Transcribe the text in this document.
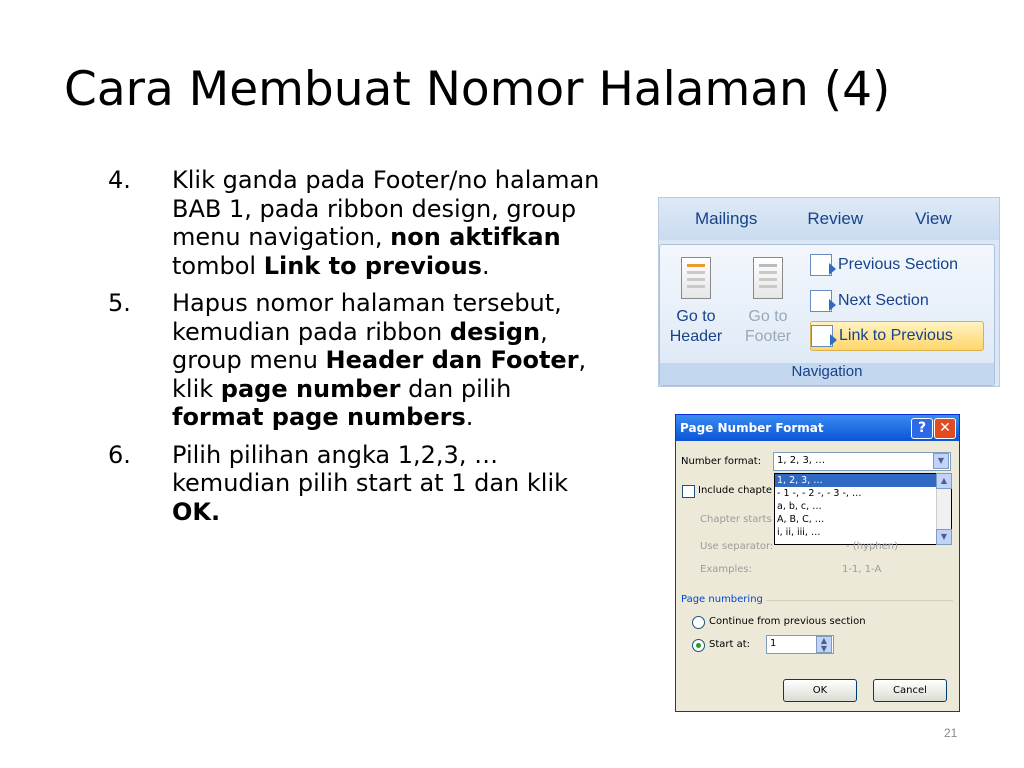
Cara Membuat Nomor Halaman (4)
4.	Klik ganda pada Footer/no halaman BAB 1, pada ribbon design, group menu navigation, non aktifkan tombol Link to previous.
5.	Hapus nomor halaman tersebut, kemudian pada ribbon design, group menu Header dan Footer, klik page number dan pilih format page numbers.
6.	Pilih pilihan angka 1,2,3, … kemudian pilih start at 1 dan klik OK.
Mailings	Review	View
Go to Header
Go to Footer
Previous Section
Next Section
Link to Previous
Navigation
Page Number Format	? ✕
Number format: 1, 2, 3, …	▼
1, 2, 3, …
- 1 -, - 2 -, - 3 -, …
a, b, c, …
A, B, C, …
i, ii, iii, …
▲
▼
Include chapte
Chapter starts
Use separator:	- (hyphen)
Examples:	1-1, 1-A
Page numbering
Continue from previous section
Start at: 1	▲
▼
OK	Cancel
21
